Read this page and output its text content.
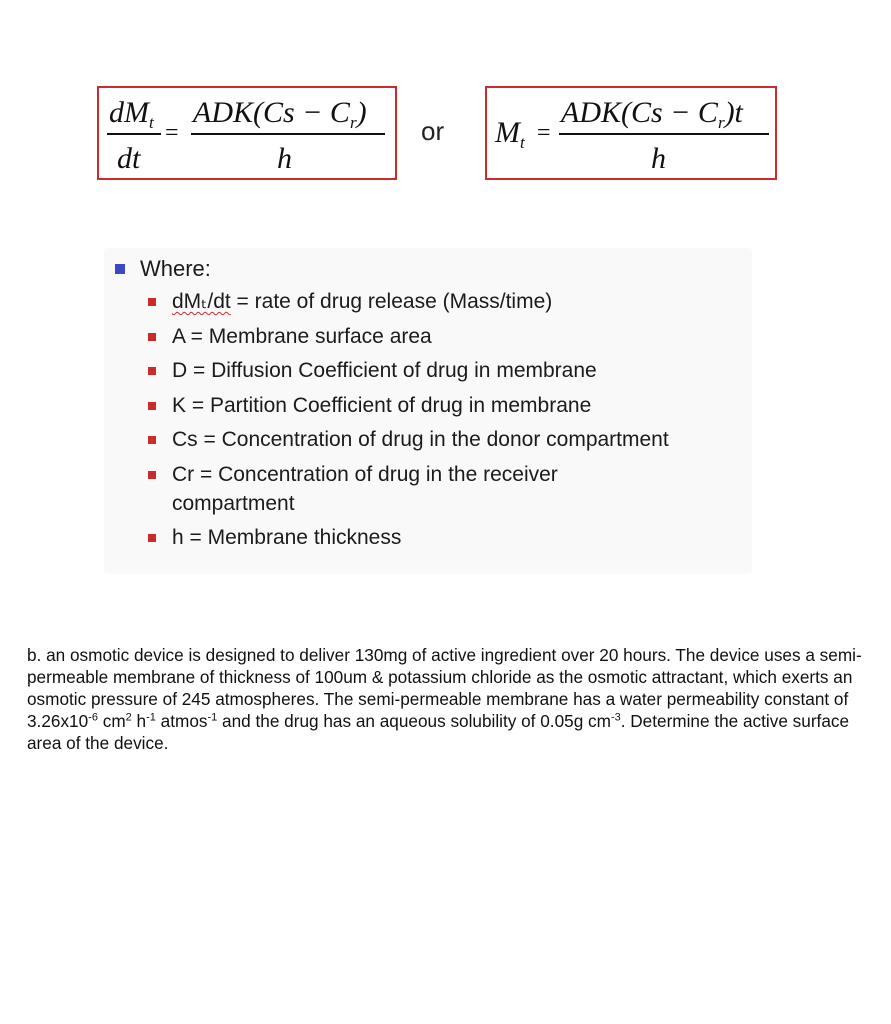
$dM_t$ =
$ADK(Cs - C_r)$
dt	h
or $M_t$ =
$ADK(Cs - C_r)t$
h
Where:
dMₜ/dt = rate of drug release (Mass/time)
A = Membrane surface area
D = Diffusion Coefficient of drug in membrane
K = Partition Coefficient of drug in membrane
Cs = Concentration of drug in the donor compartment
Cr = Concentration of drug in the receiver compartment
h = Membrane thickness

b. an osmotic device is designed to deliver 130mg of active ingredient over 20 hours. The device uses a semi-permeable membrane of thickness of 100um & potassium chloride as the osmotic attractant, which exerts an osmotic pressure of 245 atmospheres. The semi-permeable membrane has a water permeability constant of $3.26x10^{-6}$ $cm^2$ $h^{-1}$ atmos$^{-1}$ and the drug has an aqueous solubility of 0.05g $cm^{-3}$. Determine the active surface area of the device.
